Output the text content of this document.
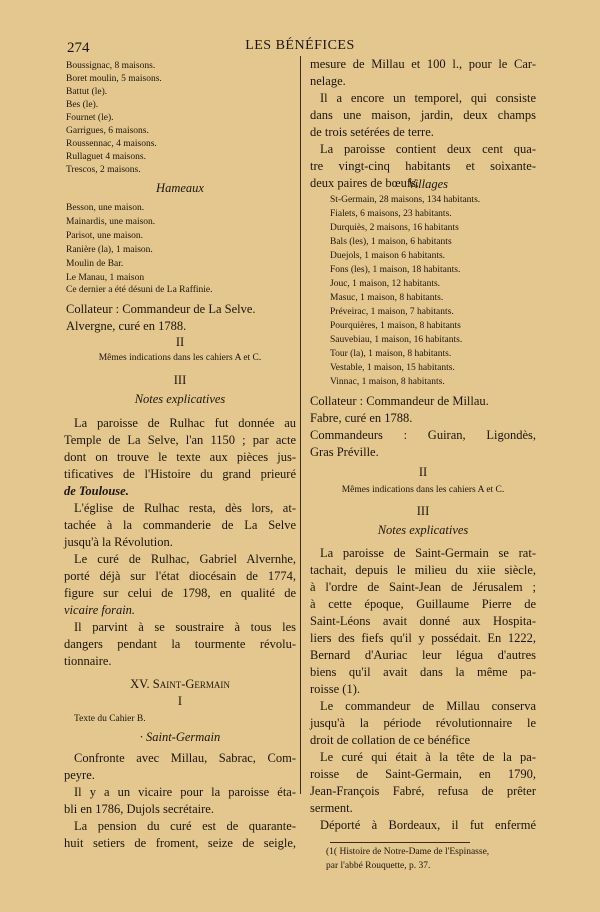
274	LES BÉNÉFICES
Boussignac, 8 maisons.
Boret moulin, 5 maisons.
Battut (le).
Bes (le).
Fournet (le).
Garrigues, 6 maisons.
Roussennac, 4 maisons.
Rullaguet 4 maisons.
Trescos, 2 maisons.
Hameaux
Besson, une maison.
Mainardis, une maison.
Parisot, une maison.
Ranière (la), 1 maison.
Moulin de Bar.
Le Manau, 1 maison
Ce dernier a été désuni de La Raffinie.
Collateur : Commandeur de La Selve.
Alvergne, curé en 1788.
II
Mêmes indications dans les cahiers A et C.
III
Notes explicatives
La paroisse de Rulhac fut donnée au
Temple de La Selve, l'an 1150 ; par acte
dont on trouve le texte aux pièces jus-
tificatives de l'Histoire du grand prieuré
de Toulouse.
L'église de Rulhac resta, dès lors, at-
tachée à la commanderie de La Selve
jusqu'à la Révolution.
Le curé de Rulhac, Gabriel Alvernhe,
porté déjà sur l'état diocésain de 1774,
figure sur celui de 1798, en qualité de
vicaire forain.
Il parvint à se soustraire à tous les
dangers pendant la tourmente révolu-
tionnaire.
XV. Saint-Germain
I
Texte du Cahier B.
· Saint-Germain
Confronte avec Millau, Sabrac, Com-
peyre.
Il y a un vicaire pour la paroisse éta-
bli en 1786, Dujols secrétaire.
La pension du curé est de quarante-
huit setiers de froment, seize de seigle,
mesure de Millau et 100 l., pour le Car-
nelage.
Il a encore un temporel, qui consiste
dans une maison, jardin, deux champs
de trois setérées de terre.
La paroisse contient deux cent qua-
tre vingt-cinq habitants et soixante-
deux paires de bœufs.
Villages
St-Germain, 28 maisons, 134 habitants.
Fialets, 6 maisons, 23 habitants.
Durquiès, 2 maisons, 16 habitants
Bals (les), 1 maison, 6 habitants
Duejols, 1 maison 6 habitants.
Fons (les), 1 maison, 18 habitants.
Jouc, 1 maison, 12 habitants.
Masuc, 1 maison, 8 habitants.
Préveirac, 1 maison, 7 habitants.
Pourquières, 1 maison, 8 habitants
Sauvebiau, 1 maison, 16 habitants.
Tour (la), 1 maison, 8 habitants.
Vestable, 1 maison, 15 habitants.
Vinnac, 1 maison, 8 habitants.
Collateur : Commandeur de Millau.
Fabre, curé en 1788.
Commandeurs : Guiran, Ligondès,
Gras Préville.
II
Mêmes indications dans les cahiers A et C.
III
Notes explicatives
La paroisse de Saint-Germain se rat-
tachait, depuis le milieu du xiie siècle,
à l'ordre de Saint-Jean de Jérusalem ;
à cette époque, Guillaume Pierre de
Saint-Léons avait donné aux Hospita-
liers des fiefs qu'il y possédait. En 1222,
Bernard d'Auriac leur légua d'autres
biens qu'il avait dans la même pa-
roisse (1).
Le commandeur de Millau conserva
jusqu'à la période révolutionnaire le
droit de collation de ce bénéfice
Le curé qui était à la tête de la pa-
roisse de Saint-Germain, en 1790,
Jean-François Fabré, refusa de prêter
serment.
Déporté à Bordeaux, il fut enfermé
(1( Histoire de Notre-Dame de l'Espinasse,
par l'abbé Rouquette, p. 37.
